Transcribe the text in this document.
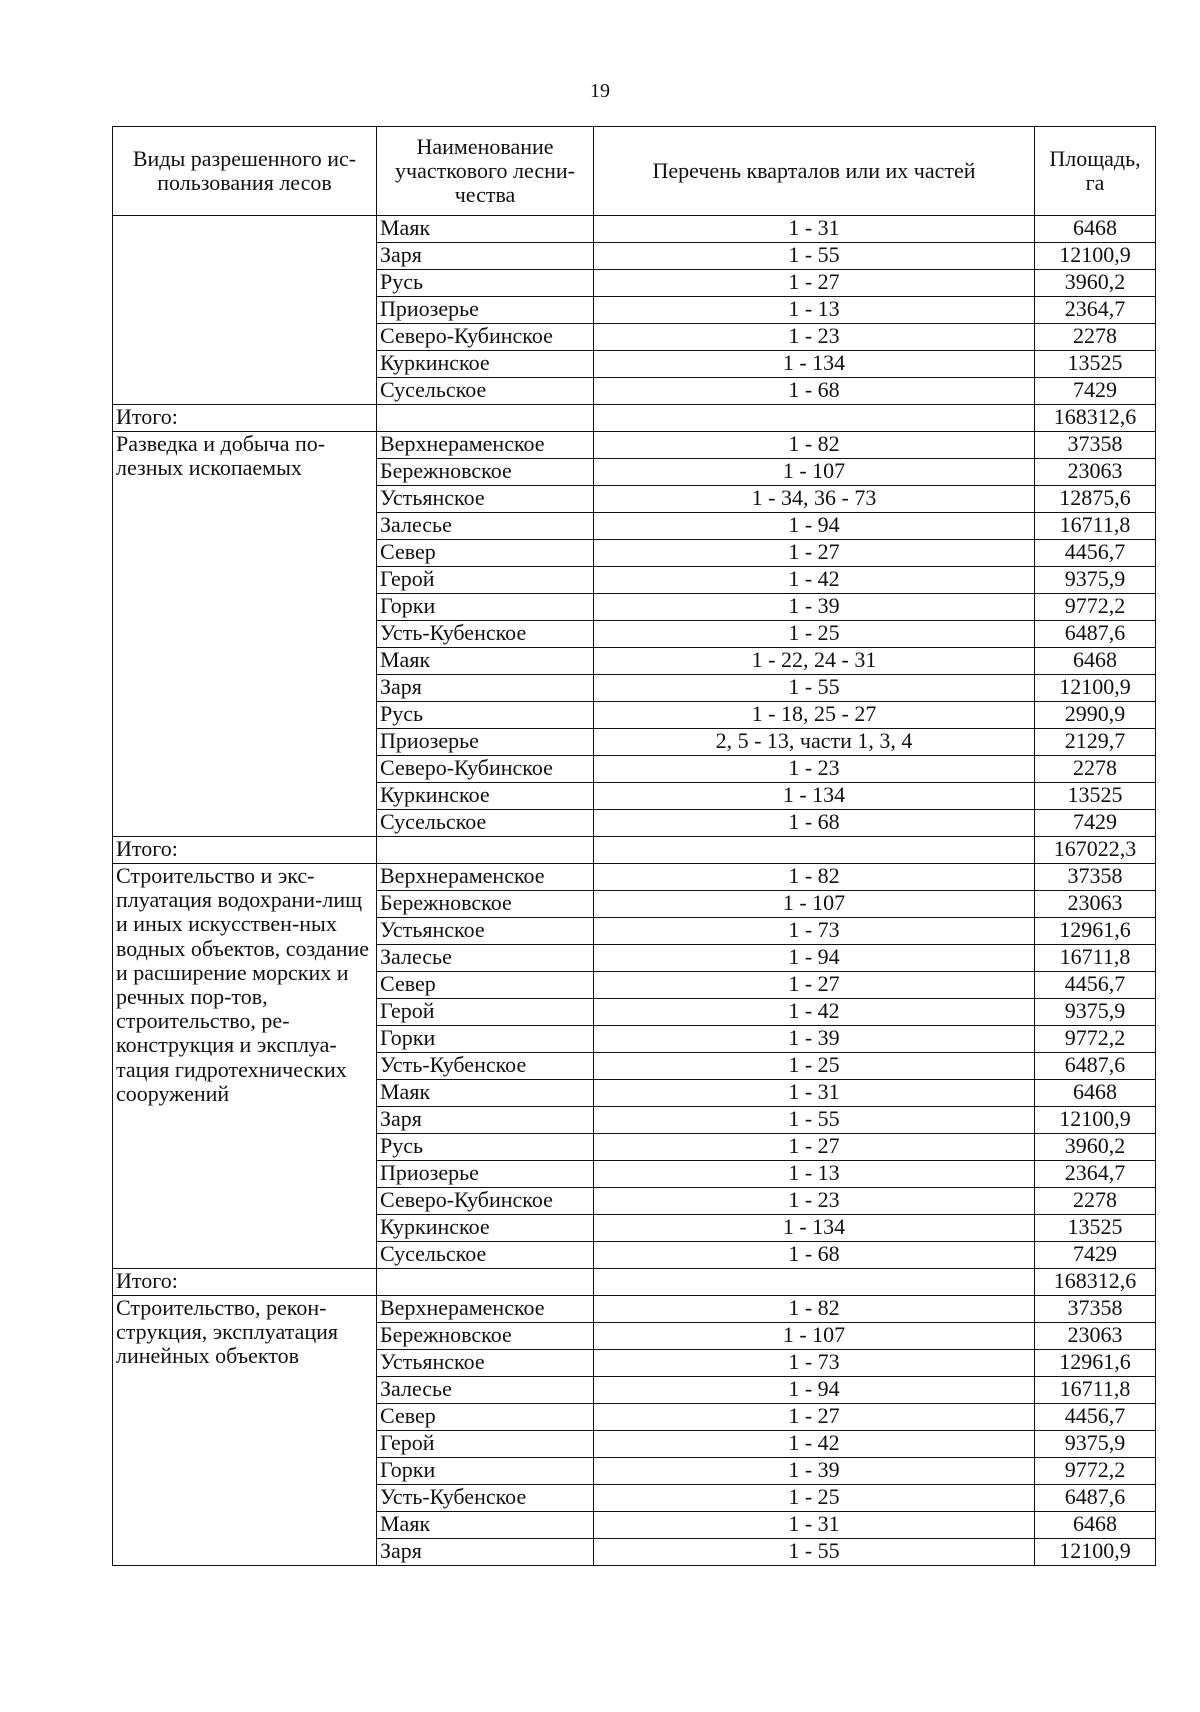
19
Виды разрешенного ис-пользования лесов	Наименование участкового лесни-чества	Перечень кварталов или их частей	Площадь, га
	Маяк	1 - 31	6468
	Заря	1 - 55	12100,9
	Русь	1 - 27	3960,2
	Приозерье	1 - 13	2364,7
	Северо-Кубинское	1 - 23	2278
	Куркинское	1 - 134	13525
	Сусельское	1 - 68	7429
Итого:			168312,6
Разведка и добыча по-лезных ископаемых	Верхнераменское	1 - 82	37358
	Бережновское	1 - 107	23063
	Устьянское	1 - 34, 36 - 73	12875,6
	Залесье	1 - 94	16711,8
	Север	1 - 27	4456,7
	Герой	1 - 42	9375,9
	Горки	1 - 39	9772,2
	Усть-Кубенское	1 - 25	6487,6
	Маяк	1 - 22, 24 - 31	6468
	Заря	1 - 55	12100,9
	Русь	1 - 18, 25 - 27	2990,9
	Приозерье	2, 5 - 13, части 1, 3, 4	2129,7
	Северо-Кубинское	1 - 23	2278
	Куркинское	1 - 134	13525
	Сусельское	1 - 68	7429
Итого:			167022,3
Строительство и экс-плуатация водохрани-лищ и иных искусствен-ных водных объектов, создание и расширение морских и речных пор-тов, строительство, ре-конструкция и эксплуа-тация гидротехнических сооружений	Верхнераменское	1 - 82	37358
	Бережновское	1 - 107	23063
	Устьянское	1 - 73	12961,6
	Залесье	1 - 94	16711,8
	Север	1 - 27	4456,7
	Герой	1 - 42	9375,9
	Горки	1 - 39	9772,2
	Усть-Кубенское	1 - 25	6487,6
	Маяк	1 - 31	6468
	Заря	1 - 55	12100,9
	Русь	1 - 27	3960,2
	Приозерье	1 - 13	2364,7
	Северо-Кубинское	1 - 23	2278
	Куркинское	1 - 134	13525
	Сусельское	1 - 68	7429
Итого:			168312,6
Строительство, рекон-струкция, эксплуатация линейных объектов	Верхнераменское	1 - 82	37358
	Бережновское	1 - 107	23063
	Устьянское	1 - 73	12961,6
	Залесье	1 - 94	16711,8
	Север	1 - 27	4456,7
	Герой	1 - 42	9375,9
	Горки	1 - 39	9772,2
	Усть-Кубенское	1 - 25	6487,6
	Маяк	1 - 31	6468
	Заря	1 - 55	12100,9
